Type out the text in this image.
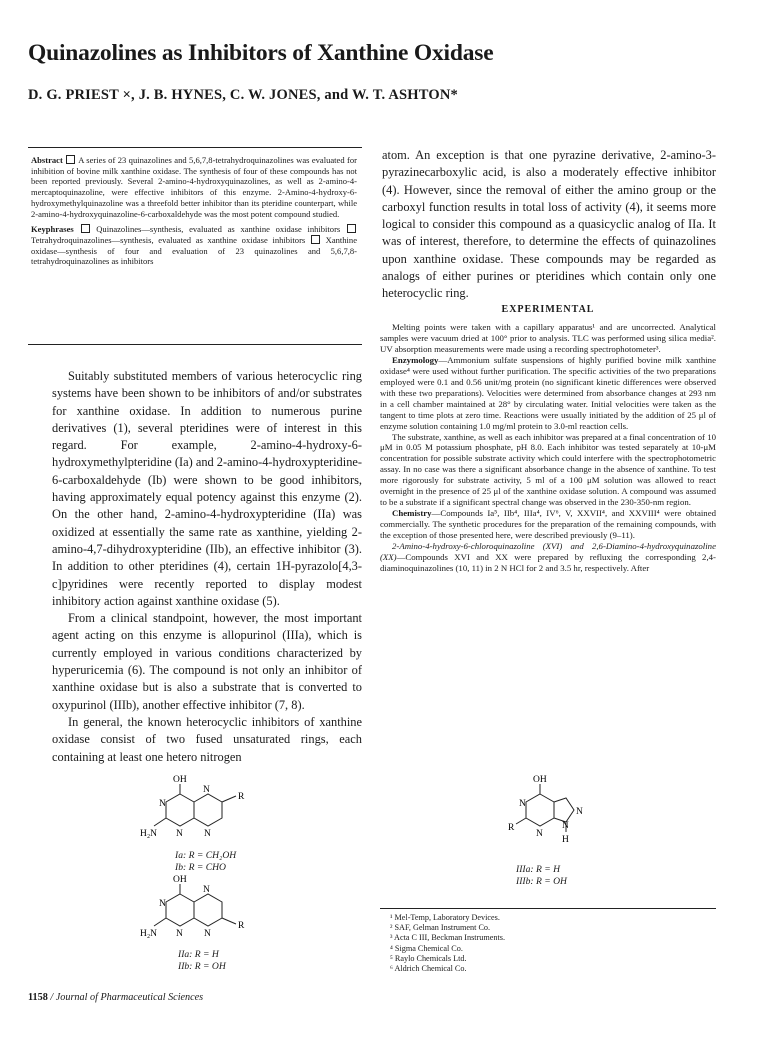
Quinazolines as Inhibitors of Xanthine Oxidase
D. G. PRIEST ×, J. B. HYNES, C. W. JONES, and W. T. ASHTON*

Abstract A series of 23 quinazolines and 5,6,7,8-tetrahydroquinazolines was evaluated for inhibition of bovine milk xanthine oxidase. The synthesis of four of these compounds has not been reported previously. Several 2-amino-4-hydroxyquinazolines, as well as 2-amino-4-mercaptoquinazoline, were effective inhibitors of this enzyme. 2-Amino-4-hydroxy-6-hydroxymethylquinazoline was a threefold better inhibitor than its pteridine counterpart, while 2-amino-4-hydroxyquinazoline-6-carboxaldehyde was the most potent compound studied.

Keyphrases	Quinazolines—synthesis, evaluated as xanthine oxidase inhibitors  Tetrahydroquinazolines—synthesis, evaluated as xanthine oxidase inhibitors Xanthine oxidase—synthesis of four and evaluation of 23 quinazolines and 5,6,7,8-tetrahydroquinazolines as inhibitors

Suitably substituted members of various heterocyclic ring systems have been shown to be inhibitors of and/or substrates for xanthine oxidase. In addition to numerous purine derivatives (1), several pteridines were of interest in this regard. For example, 2-amino-4-hydroxy-6-hydroxymethylpteridine (Ia) and 2-amino-4-hydroxypteridine-6-carboxaldehyde (Ib) were shown to be good inhibitors, having approximately equal potency against this enzyme (2). On the other hand, 2-amino-4-hydroxypteridine (IIa) was oxidized at essentially the same rate as xanthine, yielding 2-amino-4,7-dihydroxypteridine (IIb), an effective inhibitor (3). In addition to other pteridines (4), certain 1H-pyrazolo[4,3-c]pyridines were recently reported to display modest inhibitory action against xanthine oxidase (5).

From a clinical standpoint, however, the most important agent acting on this enzyme is allopurinol (IIIa), which is currently employed in various conditions characterized by hyperuricemia (6). The compound is not only an inhibitor of xanthine oxidase but is also a substrate that is converted to oxypurinol (IIIb), another effective inhibitor (7, 8).

In general, the known heterocyclic inhibitors of xanthine oxidase consist of two fused unsaturated rings, each containing at least one hetero nitrogen

atom. An exception is that one pyrazine derivative, 2-amino-3-pyrazinecarboxylic acid, is also a moderately effective inhibitor (4). However, since the removal of either the amino group or the carboxyl function results in total loss of activity (4), it seems more logical to consider this compound as a quasicyclic analog of IIa. It was of interest, therefore, to determine the effects of quinazolines upon xanthine oxidase. These compounds may be regarded as analogs of either purines or pteridines which contain only one heterocyclic ring.

EXPERIMENTAL

Melting points were taken with a capillary apparatus¹ and are uncorrected. Analytical samples were vacuum dried at 100° prior to analysis. TLC was performed using silica media². UV absorption measurements were made using a recording spectrophotometer³.

Enzymology—Ammonium sulfate suspensions of highly purified bovine milk xanthine oxidase⁴ were used without further purification. The specific activities of the two preparations employed were 0.1 and 0.56 unit/mg protein (no significant kinetic differences were observed with these two preparations). Velocities were determined from absorbance changes at 293 nm in a cell chamber maintained at 28° by circulating water. Initial velocities were taken as the tangent to time plots at zero time. Reactions were usually initiated by the addition of 25 μl of enzyme solution containing 1.0 mg/ml protein to 3.0-ml reaction cells.

The substrate, xanthine, as well as each inhibitor was prepared at a final concentration of 10 μM in 0.05 M potassium phosphate, pH 8.0. Each inhibitor was tested separately at 10-μM concentration for possible substrate activity which could interfere with the spectrophotometric assay. In no case was there a significant absorbance change in the absence of xanthine. To test more rigorously for substrate activity, 5 ml of a 100 μM solution was allowed to react overnight in the presence of 25 μl of the xanthine oxidase solution. A compound was assumed to be a substrate if a significant spectral change was observed in the 230-350-nm region.

Chemistry—Compounds Ia⁵, IIb⁴, IIIa⁴, IV⁶, V, XXVII⁴, and XXVIII⁴ were obtained commercially. The synthetic procedures for the preparation of the remaining compounds, with the exception of those presented here, were described previously (9–11).

2-Amino-4-hydroxy-6-chloroquinazoline (XVI) and 2,6-Diamino-4-hydroxyquinazoline (XX)—Compounds XVI and XX were prepared by refluxing the corresponding 2,4-diaminoquinazolines (10, 11) in 2 N HCl for 2 and 3.5 hr, respectively. After

OH
N
N
N N
R
H₂N
Ia: R = CH₂OH
Ib: R = CHO
OH
N
N
N N
R
H₂N
IIa: R = H
IIb: R = OH
OH
N
N
N
N
R
H
IIIa: R = H
IIIb: R = OH
¹ Mel-Temp, Laboratory Devices.
² SAF, Gelman Instrument Co.
³ Acta C III, Beckman Instruments.
⁴ Sigma Chemical Co.
⁵ Raylo Chemicals Ltd.
⁶ Aldrich Chemical Co.
1158 / Journal of Pharmaceutical Sciences
